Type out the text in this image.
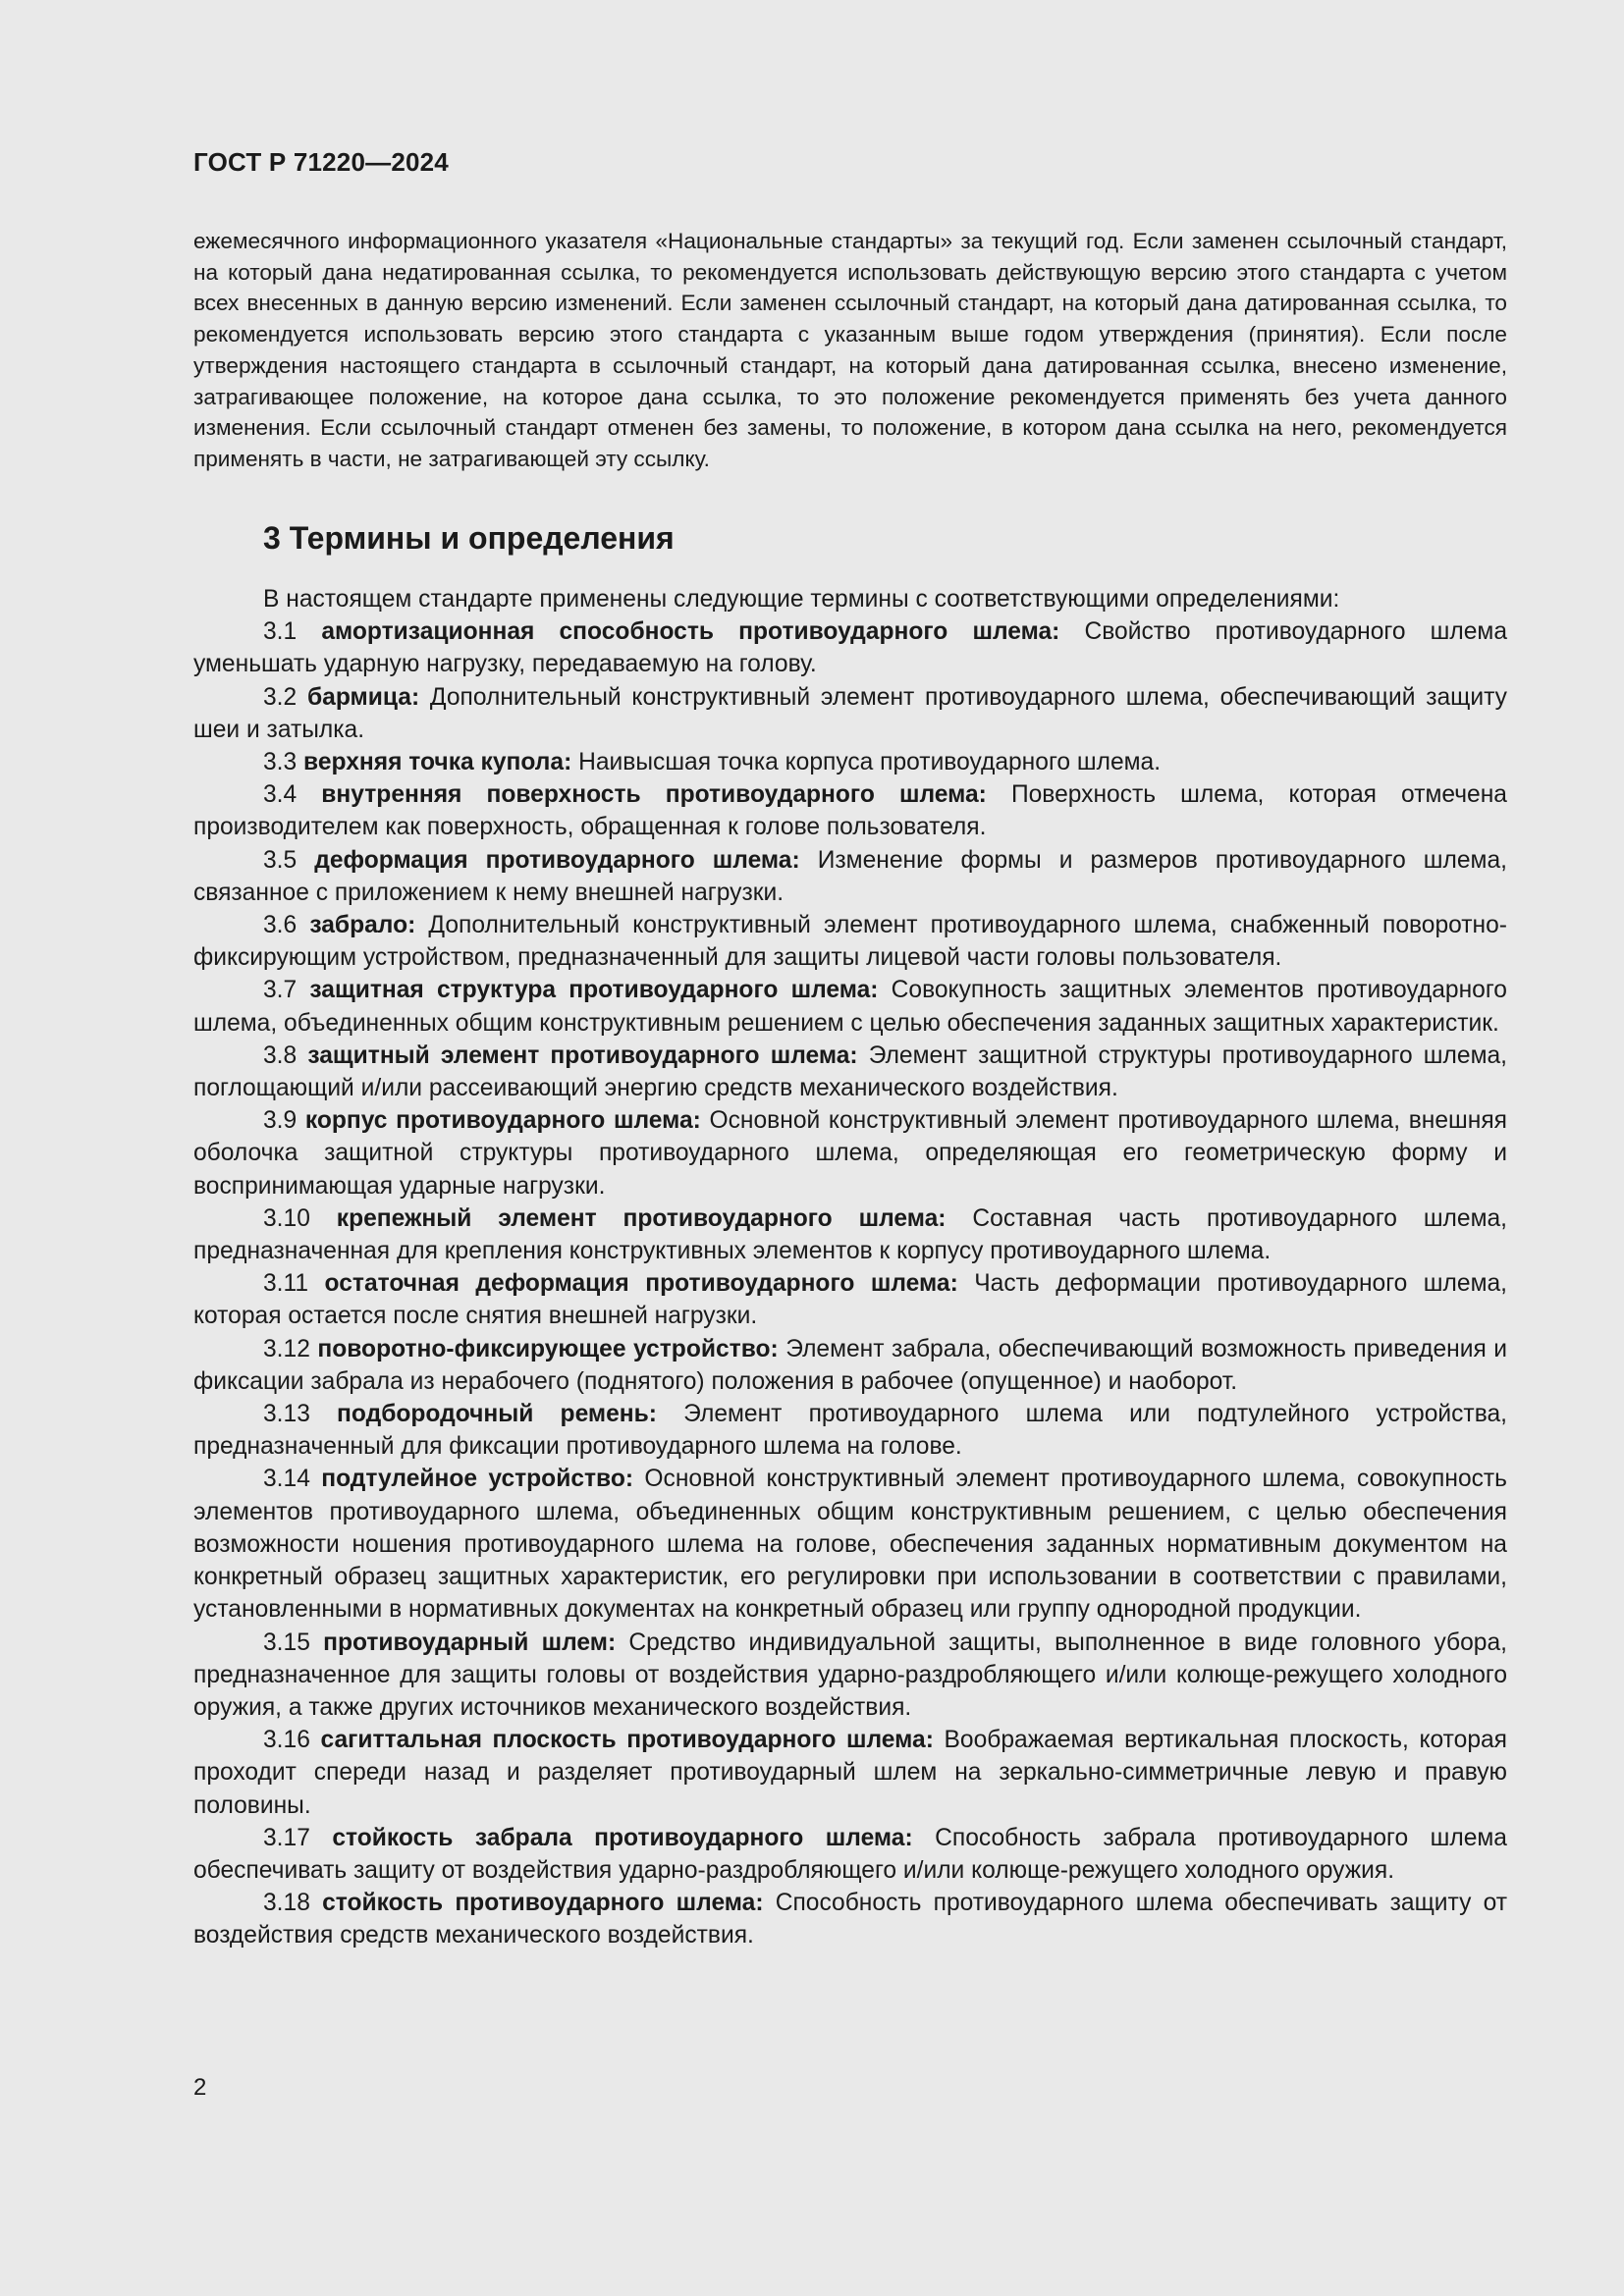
ГОСТ Р 71220—2024

ежемесячного информационного указателя «Национальные стандарты» за текущий год. Если заменен ссылочный стандарт, на который дана недатированная ссылка, то рекомендуется использовать действующую версию этого стандарта с учетом всех внесенных в данную версию изменений. Если заменен ссылочный стандарт, на который дана датированная ссылка, то рекомендуется использовать версию этого стандарта с указанным выше годом утверждения (принятия). Если после утверждения настоящего стандарта в ссылочный стандарт, на который дана датированная ссылка, внесено изменение, затрагивающее положение, на которое дана ссылка, то это положение рекомендуется применять без учета данного изменения. Если ссылочный стандарт отменен без замены, то положение, в котором дана ссылка на него, рекомендуется применять в части, не затрагивающей эту ссылку.

3 Термины и определения

В настоящем стандарте применены следующие термины с соответствующими определениями:

3.1 амортизационная способность противоударного шлема: Свойство противоударного шлема уменьшать ударную нагрузку, передаваемую на голову.

3.2 бармица: Дополнительный конструктивный элемент противоударного шлема, обеспечивающий защиту шеи и затылка.

3.3 верхняя точка купола: Наивысшая точка корпуса противоударного шлема.

3.4 внутренняя поверхность противоударного шлема: Поверхность шлема, которая отмечена производителем как поверхность, обращенная к голове пользователя.

3.5 деформация противоударного шлема: Изменение формы и размеров противоударного шлема, связанное с приложением к нему внешней нагрузки.

3.6 забрало: Дополнительный конструктивный элемент противоударного шлема, снабженный поворотно-фиксирующим устройством, предназначенный для защиты лицевой части головы пользователя.

3.7 защитная структура противоударного шлема: Совокупность защитных элементов противоударного шлема, объединенных общим конструктивным решением с целью обеспечения заданных защитных характеристик.

3.8 защитный элемент противоударного шлема: Элемент защитной структуры противоударного шлема, поглощающий и/или рассеивающий энергию средств механического воздействия.

3.9 корпус противоударного шлема: Основной конструктивный элемент противоударного шлема, внешняя оболочка защитной структуры противоударного шлема, определяющая его геометрическую форму и воспринимающая ударные нагрузки.

3.10 крепежный элемент противоударного шлема: Составная часть противоударного шлема, предназначенная для крепления конструктивных элементов к корпусу противоударного шлема.

3.11 остаточная деформация противоударного шлема: Часть деформации противоударного шлема, которая остается после снятия внешней нагрузки.

3.12 поворотно-фиксирующее устройство: Элемент забрала, обеспечивающий возможность приведения и фиксации забрала из нерабочего (поднятого) положения в рабочее (опущенное) и наоборот.

3.13 подбородочный ремень: Элемент противоударного шлема или подтулейного устройства, предназначенный для фиксации противоударного шлема на голове.

3.14 подтулейное устройство: Основной конструктивный элемент противоударного шлема, совокупность элементов противоударного шлема, объединенных общим конструктивным решением, с целью обеспечения возможности ношения противоударного шлема на голове, обеспечения заданных нормативным документом на конкретный образец защитных характеристик, его регулировки при использовании в соответствии с правилами, установленными в нормативных документах на конкретный образец или группу однородной продукции.

3.15 противоударный шлем: Средство индивидуальной защиты, выполненное в виде головного убора, предназначенное для защиты головы от воздействия ударно-раздробляющего и/или колюще-режущего холодного оружия, а также других источников механического воздействия.

3.16 сагиттальная плоскость противоударного шлема: Воображаемая вертикальная плоскость, которая проходит спереди назад и разделяет противоударный шлем на зеркально-симметричные левую и правую половины.

3.17 стойкость забрала противоударного шлема: Способность забрала противоударного шлема обеспечивать защиту от воздействия ударно-раздробляющего и/или колюще-режущего холодного оружия.

3.18 стойкость противоударного шлема: Способность противоударного шлема обеспечивать защиту от воздействия средств механического воздействия.

2
